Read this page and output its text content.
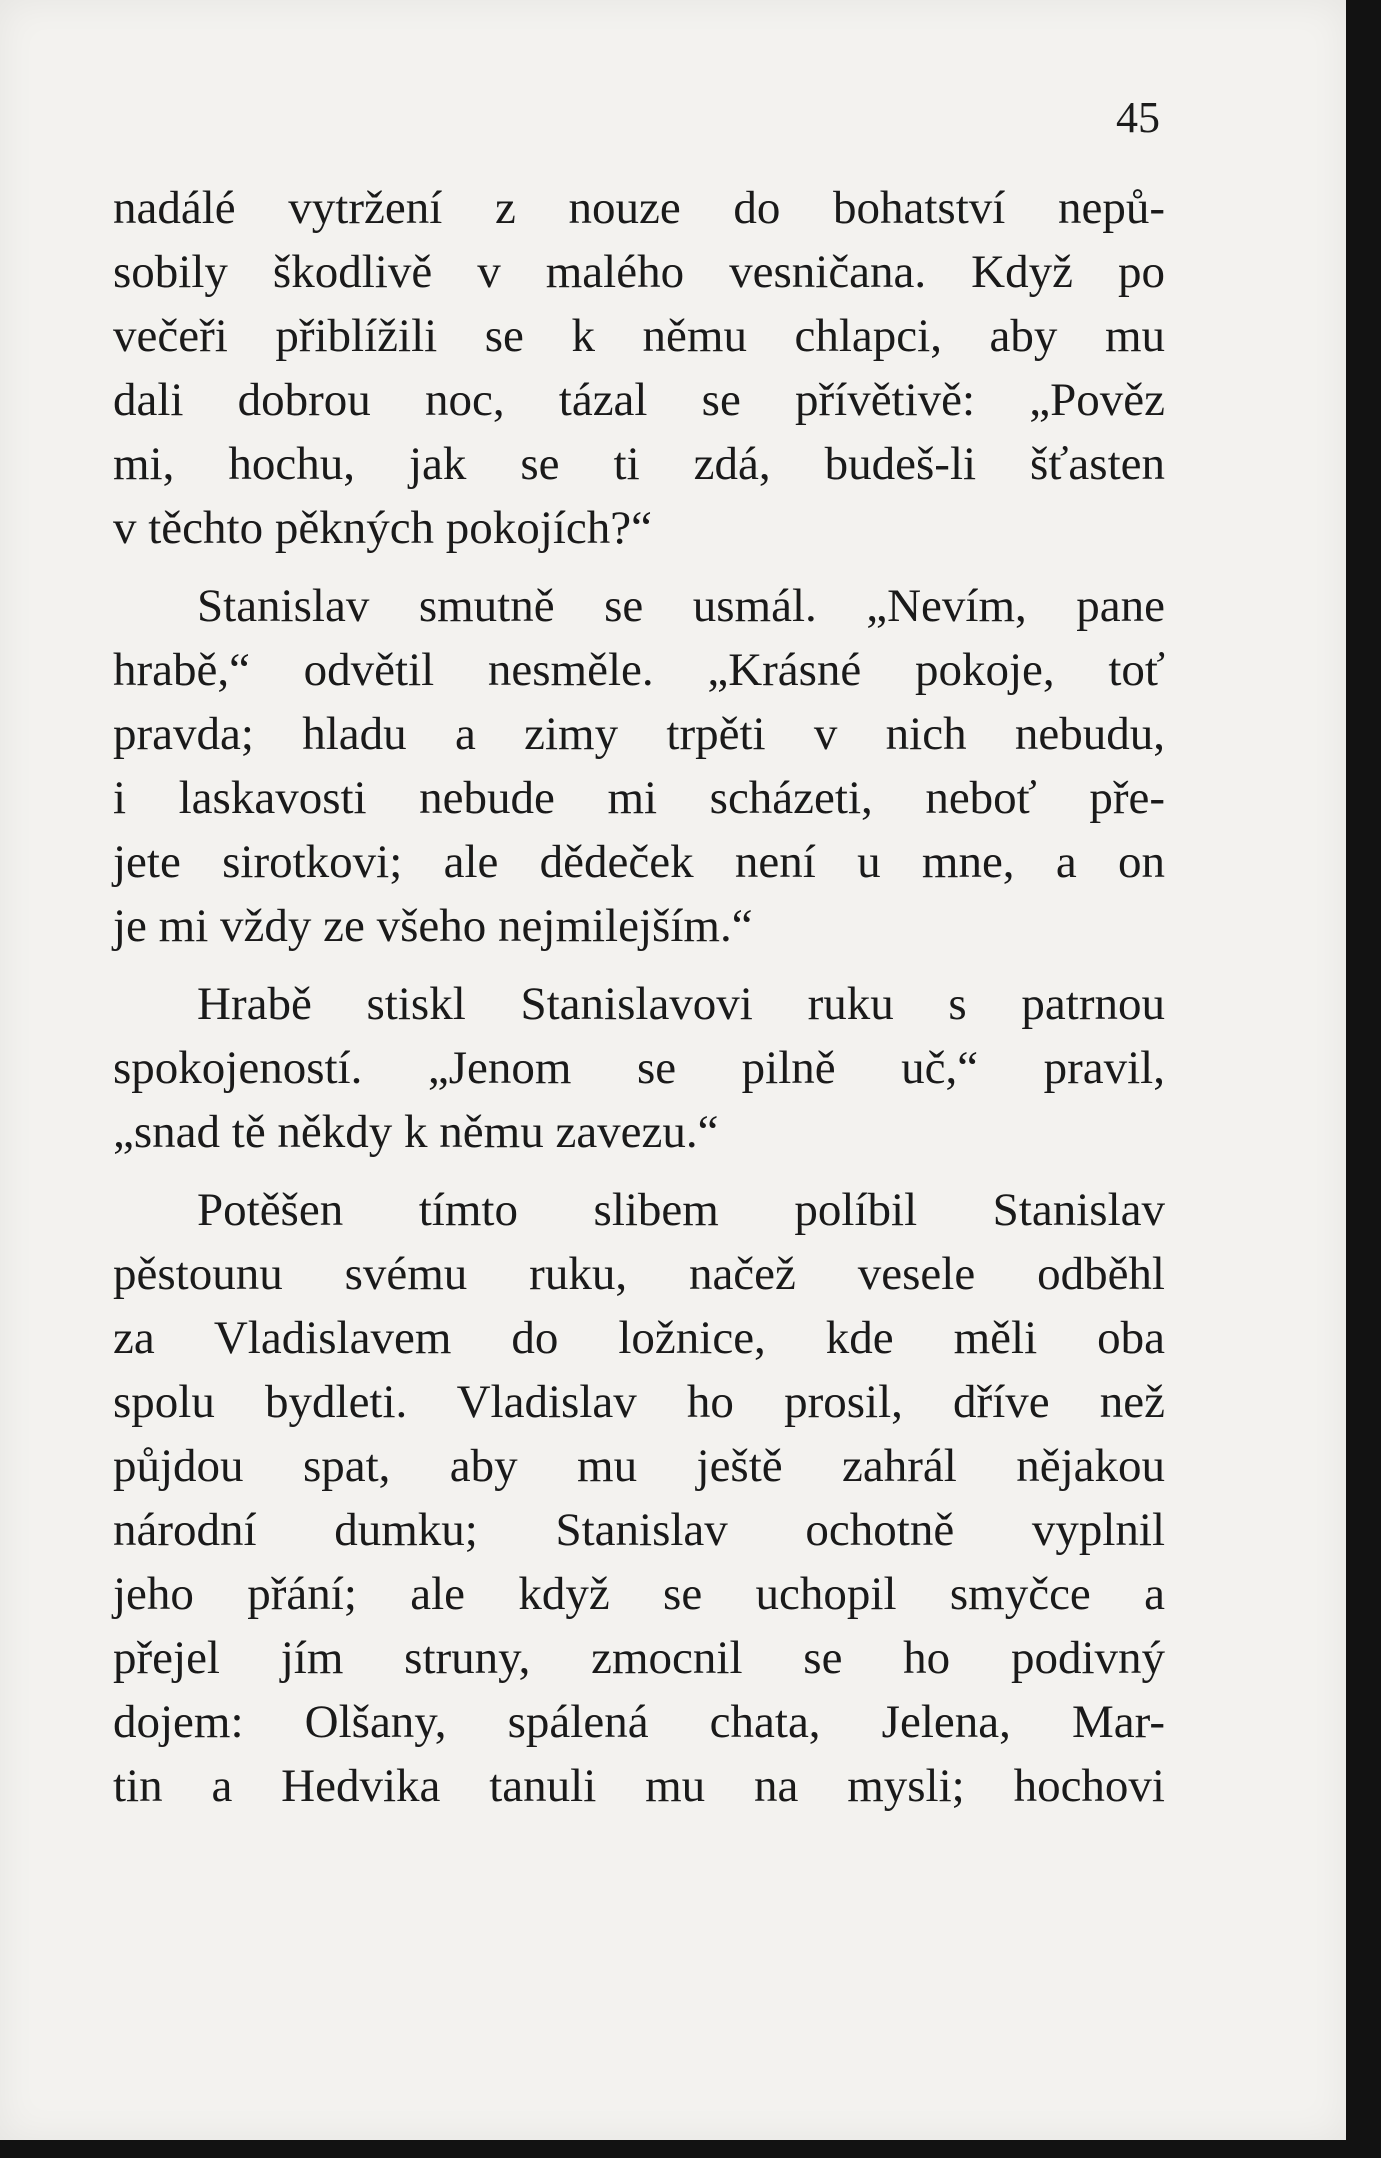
45
nadálé vytržení z nouze do bohatství nepů-
sobily škodlivě v malého vesničana. Když po
večeři přiblížili se k němu chlapci, aby mu
dali dobrou noc, tázal se přívětivě: „Pověz
mi, hochu, jak se ti zdá, budeš-li šťasten
v těchto pěkných pokojích?“
Stanislav smutně se usmál. „Nevím, pane
hrabě,“ odvětil nesměle. „Krásné pokoje, toť
pravda; hladu a zimy trpěti v nich nebudu,
i laskavosti nebude mi scházeti, neboť pře-
jete sirotkovi; ale dědeček není u mne, a on
je mi vždy ze všeho nejmilejším.“
Hrabě stiskl Stanislavovi ruku s patrnou
spokojeností. „Jenom se pilně uč,“ pravil,
„snad tě někdy k němu zavezu.“
Potěšen tímto slibem políbil Stanislav
pěstounu svému ruku, načež vesele odběhl
za Vladislavem do ložnice, kde měli oba
spolu bydleti. Vladislav ho prosil, dříve než
půjdou spat, aby mu ještě zahrál nějakou
národní dumku; Stanislav ochotně vyplnil
jeho přání; ale když se uchopil smyčce a
přejel jím struny, zmocnil se ho podivný
dojem: Olšany, spálená chata, Jelena, Mar-
tin a Hedvika tanuli mu na mysli; hochovi
